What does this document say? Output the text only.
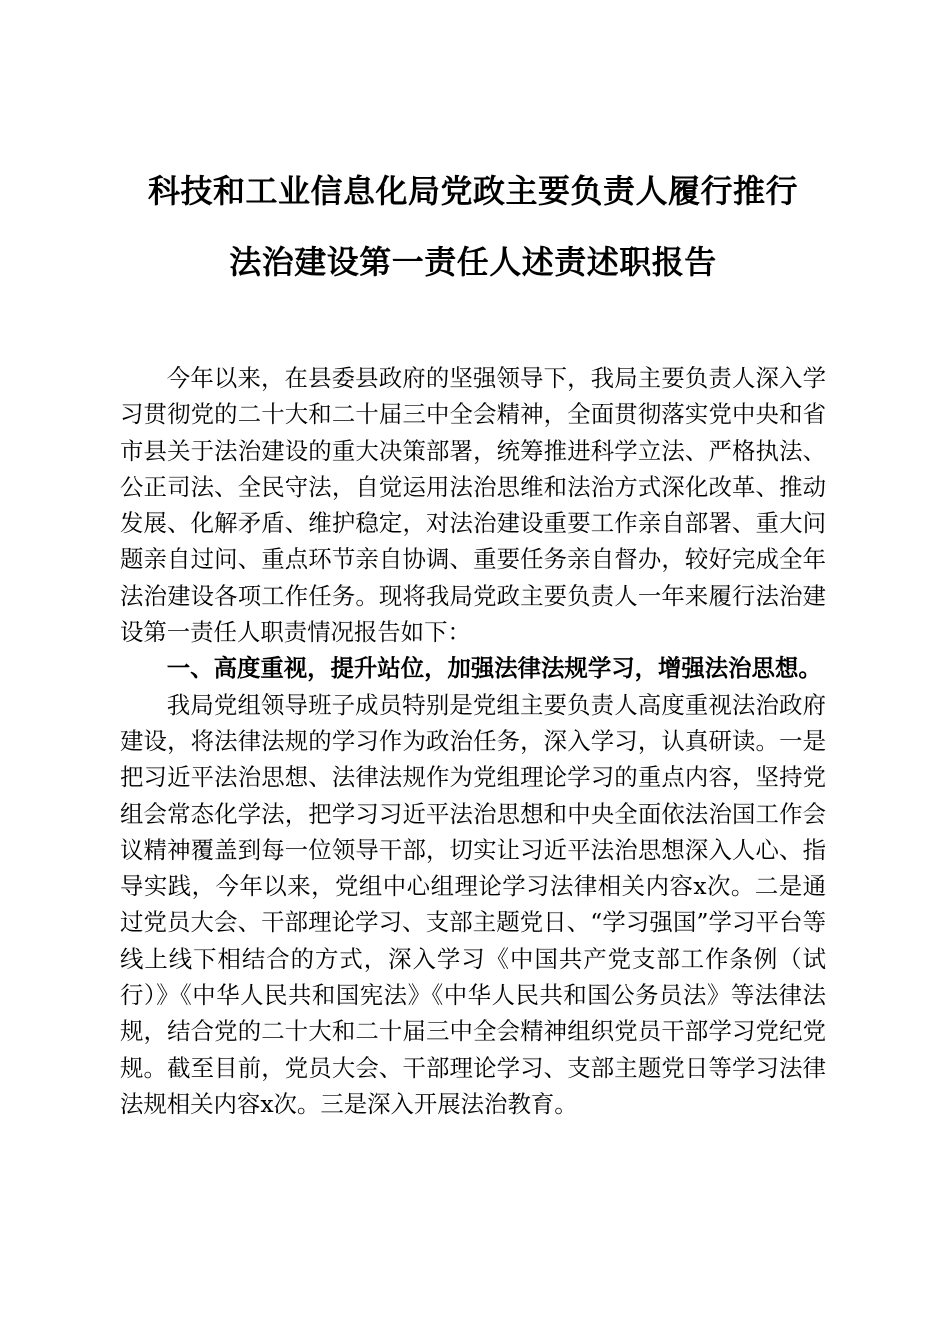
科技和工业信息化局党政主要负责人履行推行
法治建设第一责任人述责述职报告

今年以来，在县委县政府的坚强领导下，我局主要负责人深入学习贯彻党的二十大和二十届三中全会精神，全面贯彻落实党中央和省市县关于法治建设的重大决策部署，统筹推进科学立法、严格执法、公正司法、全民守法，自觉运用法治思维和法治方式深化改革、推动发展、化解矛盾、维护稳定，对法治建设重要工作亲自部署、重大问题亲自过问、重点环节亲自协调、重要任务亲自督办，较好完成全年法治建设各项工作任务。现将我局党政主要负责人一年来履行法治建设第一责任人职责情况报告如下：

一、高度重视，提升站位，加强法律法规学习，增强法治思想。

我局党组领导班子成员特别是党组主要负责人高度重视法治政府建设，将法律法规的学习作为政治任务，深入学习，认真研读。一是把习近平法治思想、法律法规作为党组理论学习的重点内容，坚持党组会常态化学法，把学习习近平法治思想和中央全面依法治国工作会议精神覆盖到每一位领导干部，切实让习近平法治思想深入人心、指导实践，今年以来，党组中心组理论学习法律相关内容x次。二是通过党员大会、干部理论学习、支部主题党日、“学习强国”学习平台等线上线下相结合的方式，深入学习《中国共产党支部工作条例（试行）》《中华人民共和国宪法》《中华人民共和国公务员法》等法律法规，结合党的二十大和二十届三中全会精神组织党员干部学习党纪党规。截至目前，党员大会、干部理论学习、支部主题党日等学习法律法规相关内容x次。三是深入开展法治教育。
